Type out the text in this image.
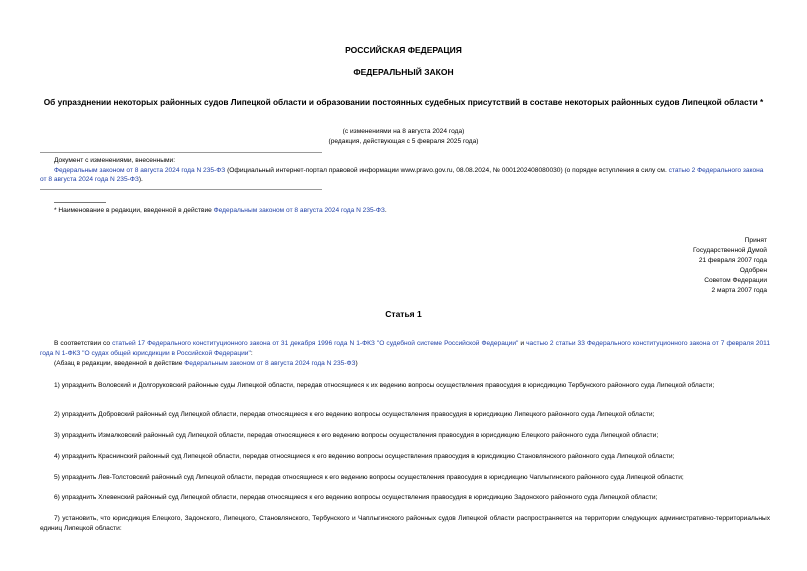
РОССИЙСКАЯ ФЕДЕРАЦИЯ
ФЕДЕРАЛЬНЫЙ ЗАКОН
Об упразднении некоторых районных судов Липецкой области и образовании постоянных судебных присутствий в составе некоторых районных судов Липецкой области *
(с изменениями на 8 августа 2024 года)
(редакция, действующая с 5 февраля 2025 года)
Документ с изменениями, внесенными:
Федеральным законом от 8 августа 2024 года N 235-ФЗ (Официальный интернет-портал правовой информации www.pravo.gov.ru, 08.08.2024, № 0001202408080030) (о порядке вступления в силу см. статью 2 Федерального закона от 8 августа 2024 года N 235-ФЗ).
* Наименование в редакции, введенной в действие Федеральным законом от 8 августа 2024 года N 235-ФЗ.
Принят
Государственной Думой
21 февраля 2007 года
Одобрен
Советом Федерации
2 марта 2007 года
Статья 1
В соответствии со статьей 17 Федерального конституционного закона от 31 декабря 1996 года N 1-ФКЗ "О судебной системе Российской Федерации" и частью 2 статьи 33 Федерального конституционного закона от 7 февраля 2011 года N 1-ФКЗ "О судах общей юрисдикции в Российской Федерации":
(Абзац в редакции, введенной в действие Федеральным законом от 8 августа 2024 года N 235-ФЗ)
1) упразднить Воловский и Долгоруковский районные суды Липецкой области, передав относящиеся к их ведению вопросы осуществления правосудия в юрисдикцию Тербунского районного суда Липецкой области;
2) упразднить Добровский районный суд Липецкой области, передав относящиеся к его ведению вопросы осуществления правосудия в юрисдикцию Липецкого районного суда Липецкой области;
3) упразднить Измалковский районный суд Липецкой области, передав относящиеся к его ведению вопросы осуществления правосудия в юрисдикцию Елецкого районного суда Липецкой области;
4) упразднить Краснинский районный суд Липецкой области, передав относящиеся к его ведению вопросы осуществления правосудия в юрисдикцию Становлянского районного суда Липецкой области;
5) упразднить Лев-Толстовский районный суд Липецкой области, передав относящиеся к его ведению вопросы осуществления правосудия в юрисдикцию Чаплыгинского районного суда Липецкой области;
6) упразднить Хлевенский районный суд Липецкой области, передав относящиеся к его ведению вопросы осуществления правосудия в юрисдикцию Задонского районного суда Липецкой области;
7) установить, что юрисдикция Елецкого, Задонского, Липецкого, Становлянского, Тербунского и Чаплыгинского районных судов Липецкой области распространяется на территории следующих административно-территориальных единиц Липецкой области:
